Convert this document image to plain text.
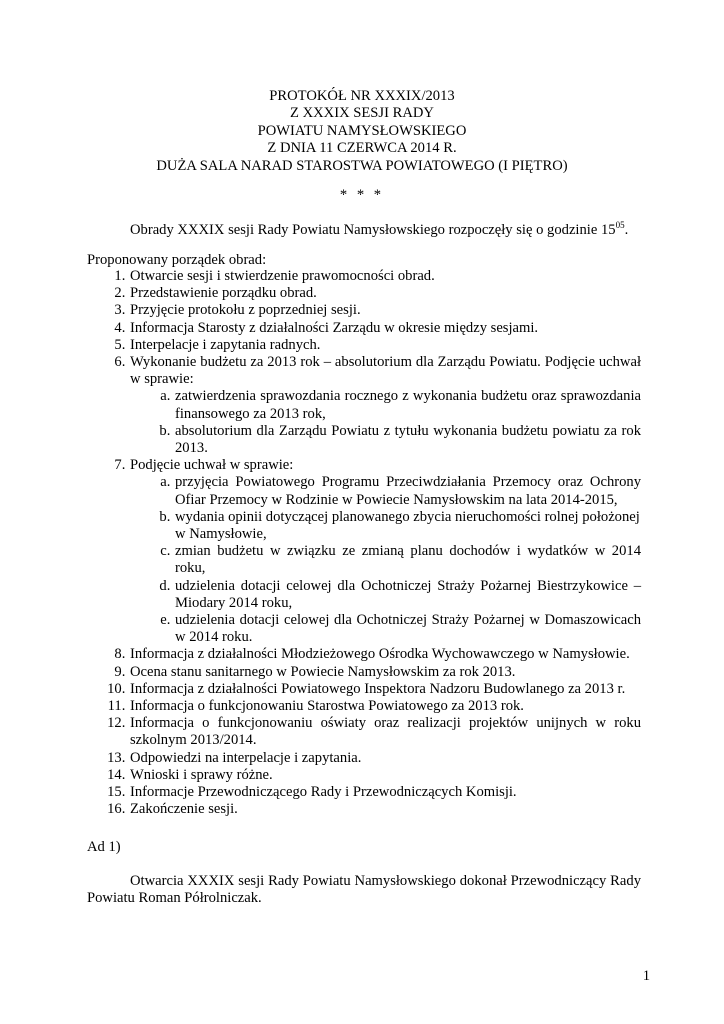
PROTOKÓŁ NR XXXIX/2013
Z XXXIX SESJI RADY
POWIATU NAMYSŁOWSKIEGO
Z DNIA 11 CZERWCA 2014 R.
DUŻA SALA NARAD STAROSTWA POWIATOWEGO (I PIĘTRO)
* * *
Obrady XXXIX sesji Rady Powiatu Namysłowskiego rozpoczęły się o godzinie $15^{05}$.
Proponowany porządek obrad:
1. Otwarcie sesji i stwierdzenie prawomocności obrad.
2. Przedstawienie porządku obrad.
3. Przyjęcie protokołu z poprzedniej sesji.
4. Informacja Starosty z działalności Zarządu w okresie między sesjami.
5. Interpelacje i zapytania radnych.
6. Wykonanie budżetu za 2013 rok – absolutorium dla Zarządu Powiatu. Podjęcie uchwał w sprawie:
a. zatwierdzenia sprawozdania rocznego z wykonania budżetu oraz sprawozdania finansowego za 2013 rok,
b. absolutorium dla Zarządu Powiatu z tytułu wykonania budżetu powiatu za rok 2013.
7. Podjęcie uchwał w sprawie:
a. przyjęcia Powiatowego Programu Przeciwdziałania Przemocy oraz Ochrony Ofiar Przemocy w Rodzinie w Powiecie Namysłowskim na lata 2014-2015,
b. wydania opinii dotyczącej planowanego zbycia nieruchomości rolnej położonej
w Namysłowie,
c. zmian budżetu w związku ze zmianą planu dochodów i wydatków w 2014 roku,
d. udzielenia dotacji celowej dla Ochotniczej Straży Pożarnej Biestrzykowice – Miodary 2014 roku,
e. udzielenia dotacji celowej dla Ochotniczej Straży Pożarnej w Domaszowicach w 2014 roku.
8. Informacja z działalności Młodzieżowego Ośrodka Wychowawczego w Namysłowie.
9. Ocena stanu sanitarnego w Powiecie Namysłowskim za rok 2013.
10. Informacja z działalności Powiatowego Inspektora Nadzoru Budowlanego za 2013 r.
11. Informacja o funkcjonowaniu Starostwa Powiatowego za 2013 rok.
12. Informacja o funkcjonowaniu oświaty oraz realizacji projektów unijnych w roku szkolnym 2013/2014.
13. Odpowiedzi na interpelacje i zapytania.
14. Wnioski i sprawy różne.
15. Informacje Przewodniczącego Rady i Przewodniczących Komisji.
16. Zakończenie sesji.
Ad 1)
Otwarcia XXXIX sesji Rady Powiatu Namysłowskiego dokonał Przewodniczący Rady Powiatu Roman Półrolniczak.
1
